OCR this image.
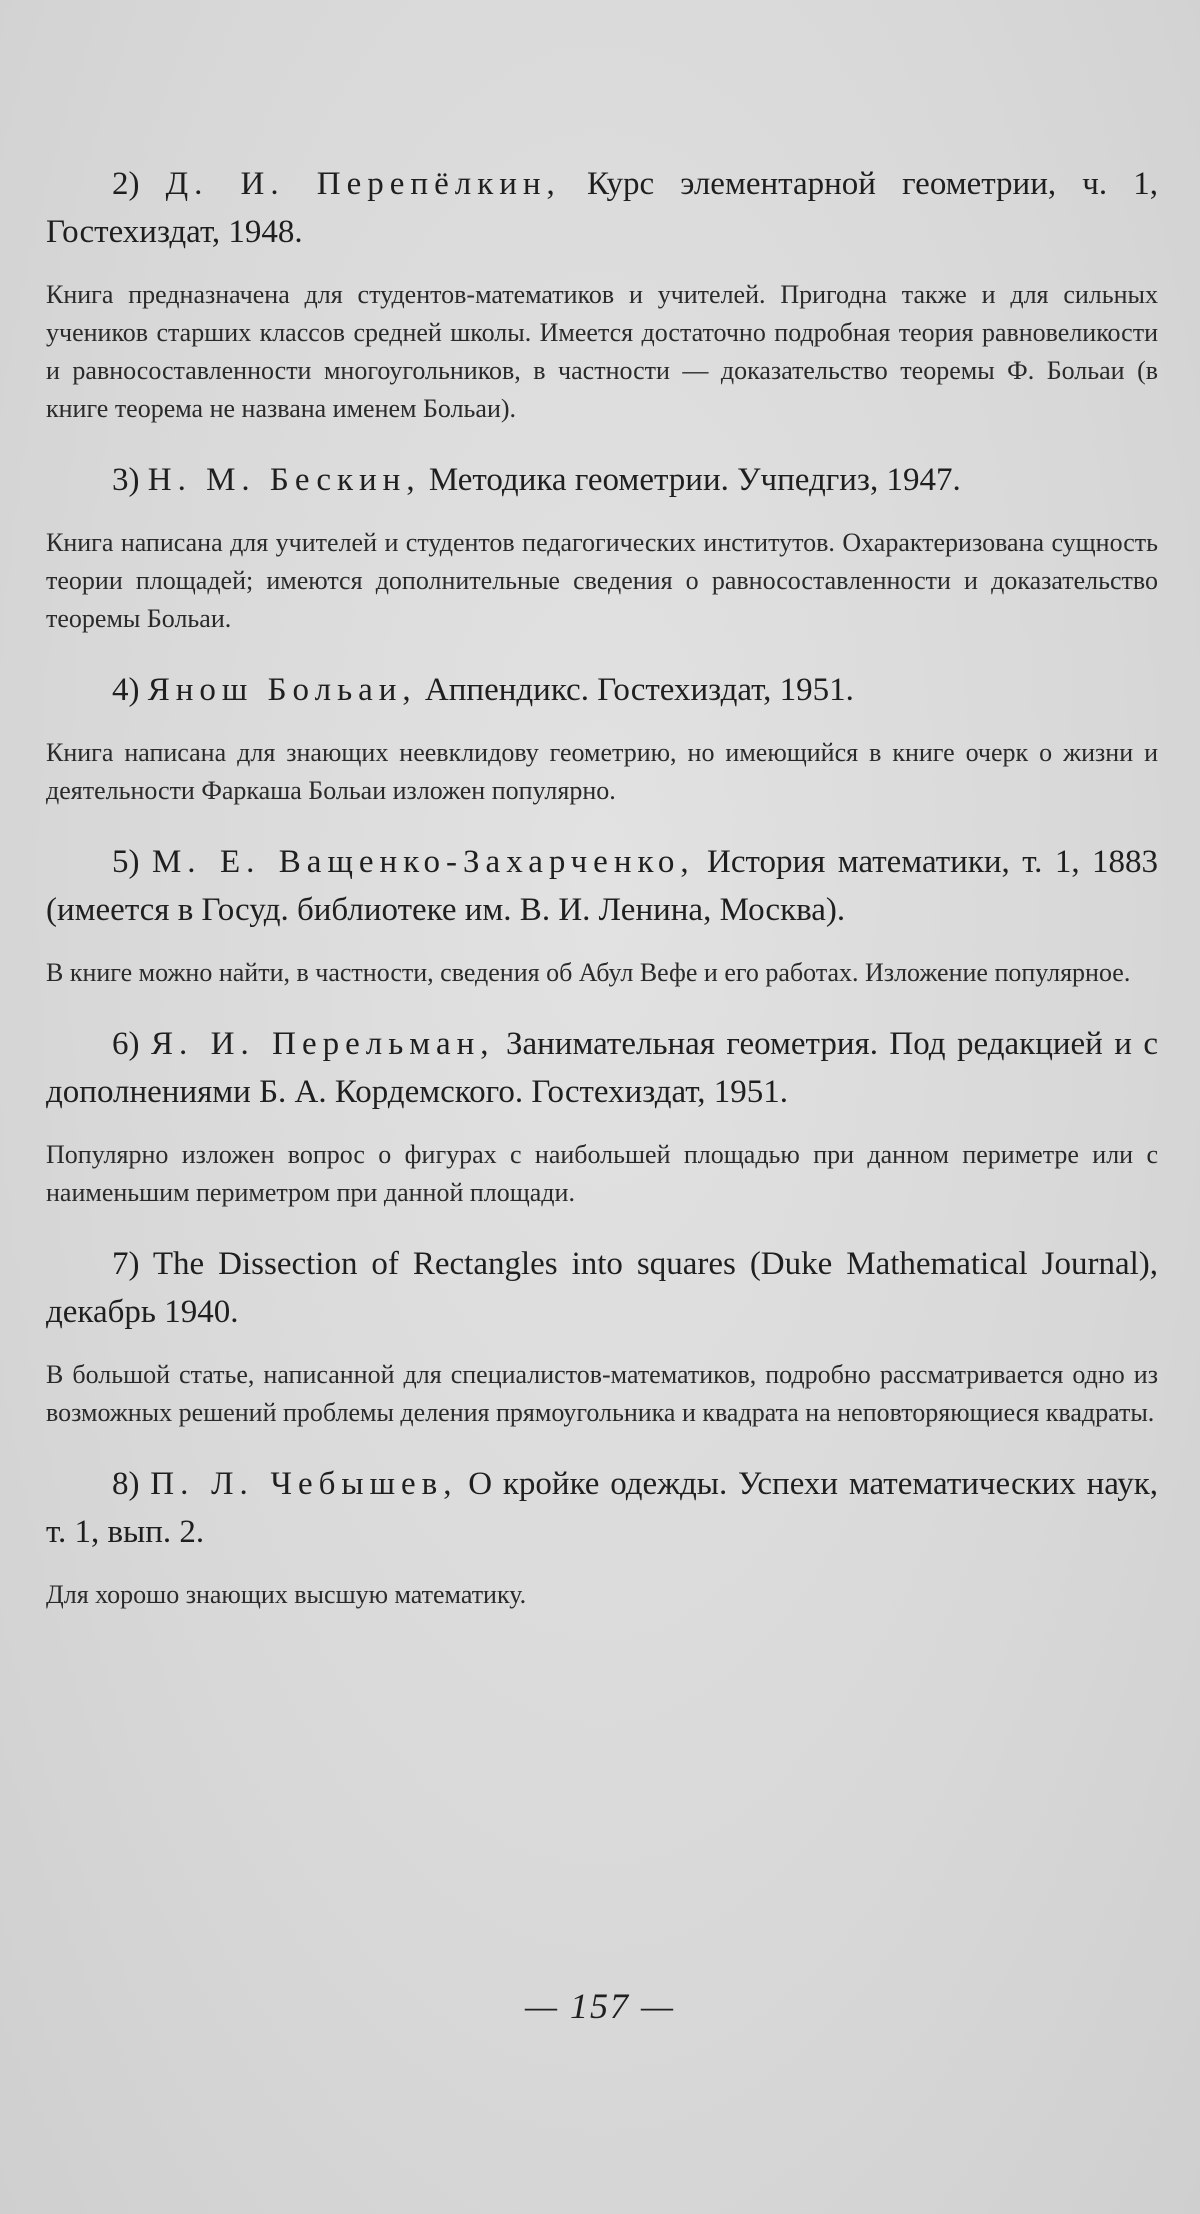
2) Д. И. Перепёлкин, Курс элементарной геометрии, ч. 1, Гостехиздат, 1948.

Книга предназначена для студентов-математиков и учителей. Пригодна также и для сильных учеников старших классов средней школы. Имеется достаточно подробная теория равновеликости и равносоставленности многоугольников, в частности — доказательство теоремы Ф. Больаи (в книге теорема не названа именем Больаи).

3) Н. М. Бескин, Методика геометрии. Учпедгиз, 1947.

Книга написана для учителей и студентов педагогических институтов. Охарактеризована сущность теории площадей; имеются дополнительные сведения о равносоставленности и доказательство теоремы Больаи.

4) Янош Больаи, Аппендикс. Гостехиздат, 1951.

Книга написана для знающих неевклидову геометрию, но имеющийся в книге очерк о жизни и деятельности Фаркаша Больаи изложен популярно.

5) М. Е. Ващенко-Захарченко, История математики, т. 1, 1883 (имеется в Госуд. библиотеке им. В. И. Ленина, Москва).

В книге можно найти, в частности, сведения об Абул Вефе и его работах. Изложение популярное.

6) Я. И. Перельман, Занимательная геометрия. Под редакцией и с дополнениями Б. А. Кордемского. Гостехиздат, 1951.

Популярно изложен вопрос о фигурах с наибольшей площадью при данном периметре или с наименьшим периметром при данной площади.

7) The Dissection of Rectangles into squares (Duke Mathematical Journal), декабрь 1940.

В большой статье, написанной для специалистов-математиков, подробно рассматривается одно из возможных решений проблемы деления прямоугольника и квадрата на неповторяющиеся квадраты.

8) П. Л. Чебышев, О кройке одежды. Успехи математических наук, т. 1, вып. 2.

Для хорошо знающих высшую математику.

— 157 —
